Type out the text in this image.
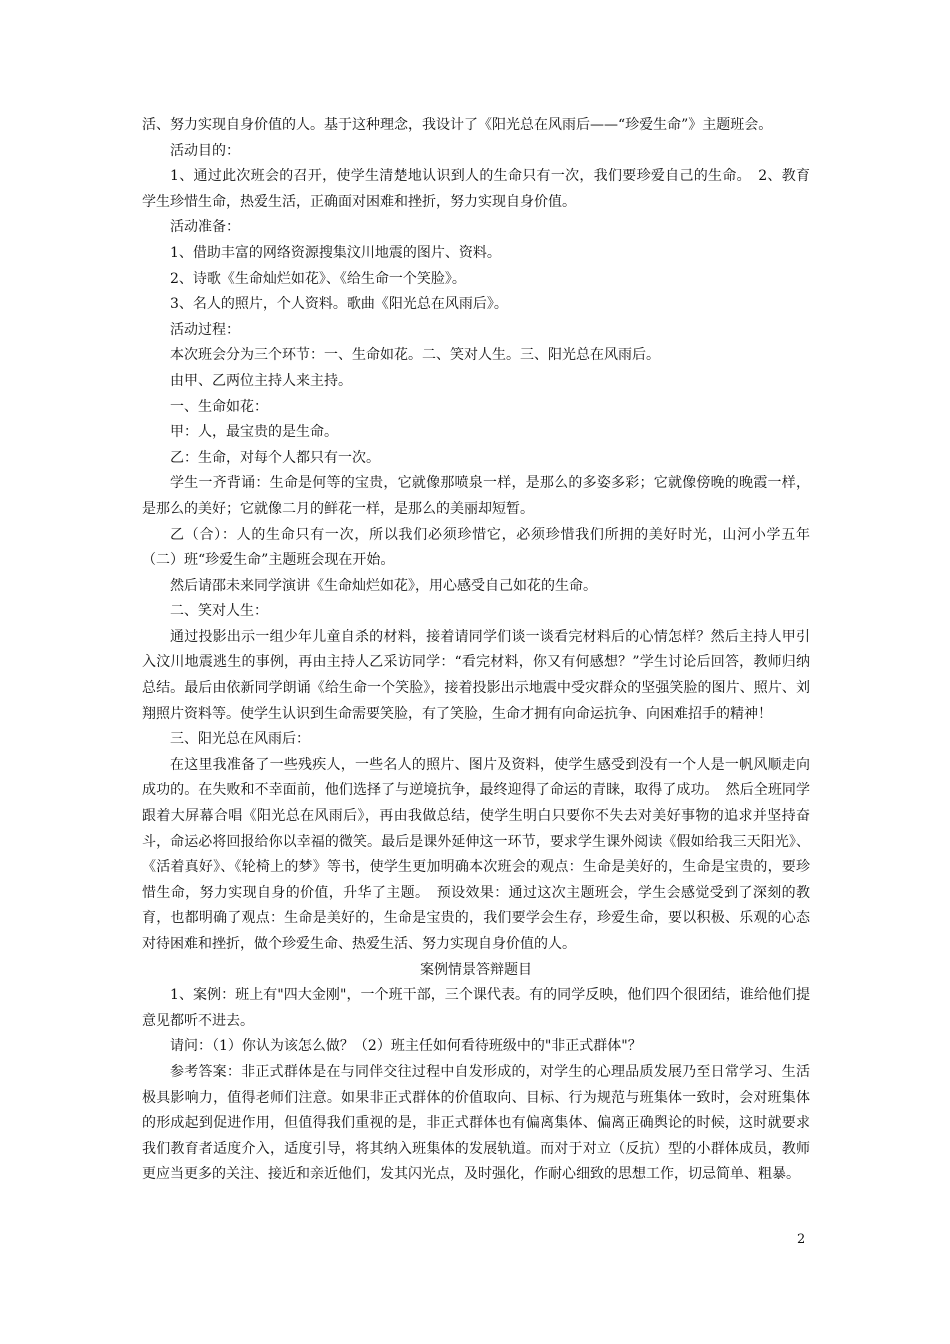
活、努力实现自身价值的人。基于这种理念，我设计了《阳光总在风雨后——“珍爱生命”》主题班会。

活动目的：

1、通过此次班会的召开，使学生清楚地认识到人的生命只有一次，我们要珍爱自己的生命。　2、教育学生珍惜生命，热爱生活，正确面对困难和挫折，努力实现自身价值。

活动准备：

1、借助丰富的网络资源搜集汶川地震的图片、资料。

2、诗歌《生命灿烂如花》、《给生命一个笑脸》。

3、名人的照片，个人资料。歌曲《阳光总在风雨后》。

活动过程：

本次班会分为三个环节：一、生命如花。二、笑对人生。三、阳光总在风雨后。

由甲、乙两位主持人来主持。

一、生命如花：

甲：人，最宝贵的是生命。

乙：生命，对每个人都只有一次。

学生一齐背诵：生命是何等的宝贵，它就像那喷泉一样，是那么的多姿多彩；它就像傍晚的晚霞一样，是那么的美好；它就像二月的鲜花一样，是那么的美丽却短暂。

乙（合）：人的生命只有一次，所以我们必须珍惜它，必须珍惜我们所拥的美好时光，山河小学五年（二）班“珍爱生命”主题班会现在开始。

然后请邵未来同学演讲《生命灿烂如花》，用心感受自己如花的生命。

二、笑对人生：

通过投影出示一组少年儿童自杀的材料，接着请同学们谈一谈看完材料后的心情怎样？然后主持人甲引入汶川地震逃生的事例，再由主持人乙采访同学：“看完材料，你又有何感想？”学生讨论后回答，教师归纳总结。最后由依新同学朗诵《给生命一个笑脸》，接着投影出示地震中受灾群众的坚强笑脸的图片、照片、刘翔照片资料等。使学生认识到生命需要笑脸，有了笑脸，生命才拥有向命运抗争、向困难招手的精神！

三、阳光总在风雨后：

在这里我准备了一些残疾人，一些名人的照片、图片及资料，使学生感受到没有一个人是一帆风顺走向成功的。在失败和不幸面前，他们选择了与逆境抗争，最终迎得了命运的青睐，取得了成功。　然后全班同学跟着大屏幕合唱《阳光总在风雨后》，再由我做总结，使学生明白只要你不失去对美好事物的追求并坚持奋斗，命运必将回报给你以幸福的微笑。最后是课外延伸这一环节，要求学生课外阅读《假如给我三天阳光》、《活着真好》、《轮椅上的梦》等书，使学生更加明确本次班会的观点：生命是美好的，生命是宝贵的，要珍惜生命，努力实现自身的价值，升华了主题。　预设效果：通过这次主题班会，学生会感觉受到了深刻的教育，也都明确了观点：生命是美好的，生命是宝贵的，我们要学会生存，珍爱生命，要以积极、乐观的心态对待困难和挫折，做个珍爱生命、热爱生活、努力实现自身价值的人。

案例情景答辩题目

1、案例：班上有"四大金刚"，一个班干部，三个课代表。有的同学反映，他们四个很团结，谁给他们提意见都听不进去。

请问：（1）你认为该怎么做？（2）班主任如何看待班级中的"非正式群体"？

参考答案：非正式群体是在与同伴交往过程中自发形成的，对学生的心理品质发展乃至日常学习、生活极具影响力，值得老师们注意。如果非正式群体的价值取向、目标、行为规范与班集体一致时，会对班集体的形成起到促进作用，但值得我们重视的是，非正式群体也有偏离集体、偏离正确舆论的时候，这时就要求我们教育者适度介入，适度引导，将其纳入班集体的发展轨道。而对于对立（反抗）型的小群体成员，教师更应当更多的关注、接近和亲近他们，发其闪光点，及时强化，作耐心细致的思想工作，切忌简单、粗暴。

2
